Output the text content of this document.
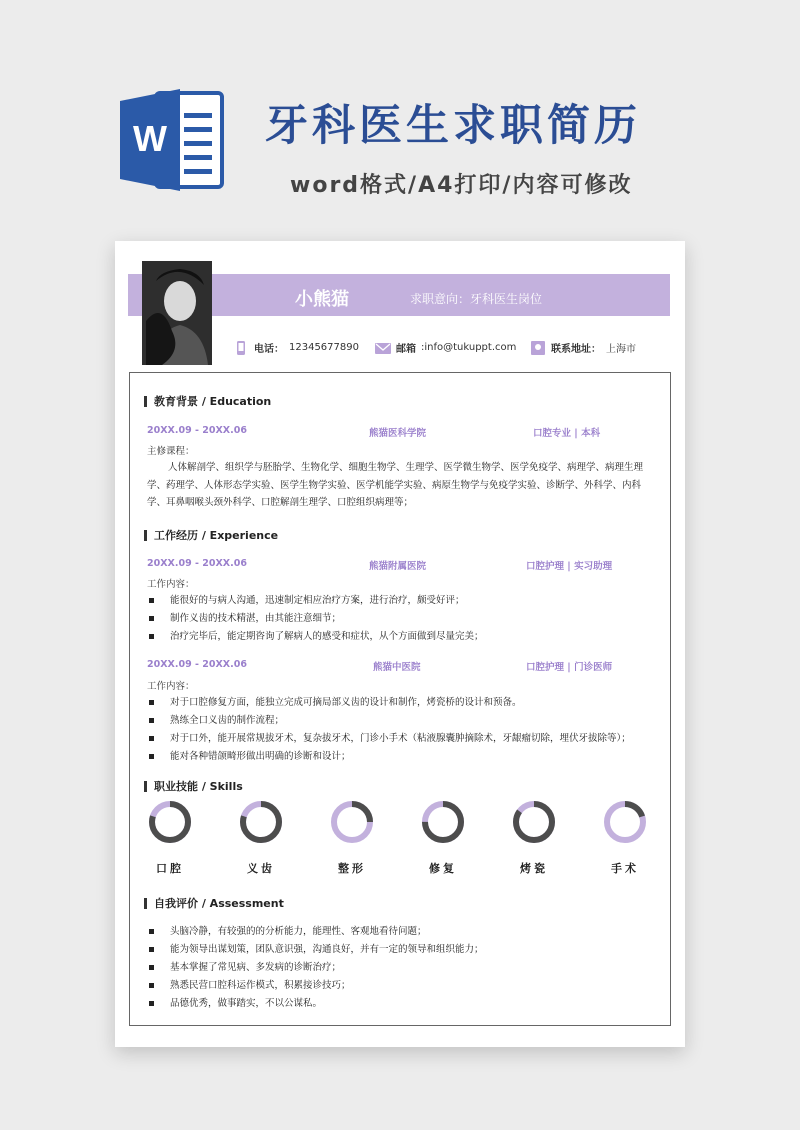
W 牙科医生求职简历
word格式/A4打印/内容可修改
小熊猫	求职意向：牙科医生岗位
电话： 12345677890	邮箱 :info@tukuppt.com	联系地址： 上海市
教育背景 / Education
20XX.09 - 20XX.06	熊猫医科学院	口腔专业 | 本科
主修课程：

人体解剖学、组织学与胚胎学、生物化学、细胞生物学、生理学、医学微生物学、医学免疫学、病理学、病理生理学、药理学、人体形态学实验、医学生物学实验、医学机能学实验、病原生物学与免疫学实验、诊断学、外科学、内科学、耳鼻咽喉头颈外科学、口腔解剖生理学、口腔组织病理等；

工作经历 / Experience
20XX.09 - 20XX.06	熊猫附属医院	口腔护理 | 实习助理
工作内容：
能很好的与病人沟通，迅速制定相应治疗方案，进行治疗，颇受好评；
制作义齿的技术精湛，由其能注意细节；
治疗完毕后，能定期咨询了解病人的感受和症状，从个方面做到尽量完美；
20XX.09 - 20XX.06	熊猫中医院	口腔护理 | 门诊医师
工作内容：
对于口腔修复方面，能独立完成可摘局部义齿的设计和制作，烤瓷桥的设计和预备。
熟练全口义齿的制作流程；
对于口外，能开展常规拔牙术，复杂拔牙术，门诊小手术（粘液腺囊肿摘除术，牙龈瘤切除，埋伏牙拔除等）；
能对各种错颌畸形做出明确的诊断和设计；
职业技能 / Skills
口腔	义齿	整形	修复	烤瓷	手术
自我评价 / Assessment
头脑冷静，有较强的的分析能力，能理性、客观地看待问题；
能为领导出谋划策，团队意识强，沟通良好，并有一定的领导和组织能力；
基本掌握了常见病、多发病的诊断治疗；
熟悉民营口腔科运作模式，积累接诊技巧；
品德优秀，做事踏实，不以公谋私。
